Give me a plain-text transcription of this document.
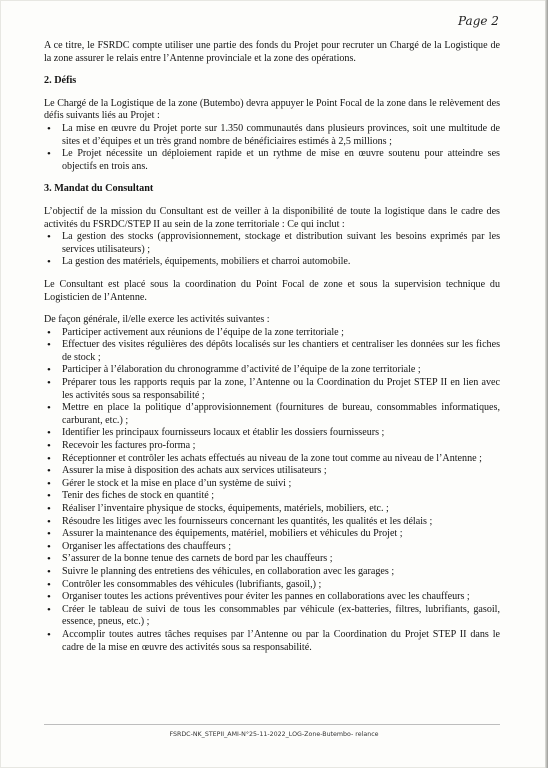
Page 2

A ce titre, le FSRDC compte utiliser une partie des fonds du Projet pour recruter un Chargé de la Logistique de la zone assurer le relais entre l’Antenne provinciale et la zone des opérations.

2. Défis

Le Chargé de la Logistique de la zone (Butembo) devra appuyer le Point Focal de la zone dans le relèvement des défis suivants liés au Projet :

• La mise en œuvre du Projet porte sur 1.350 communautés dans plusieurs provinces, soit une multitude de sites et d’équipes et un très grand nombre de bénéficiaires estimés à 2,5 millions ;
• Le Projet nécessite un déploiement rapide et un rythme de mise en œuvre soutenu pour atteindre ses objectifs en trois ans.
3. Mandat du Consultant

L’objectif de la mission du Consultant est de veiller à la disponibilité de toute la logistique dans le cadre des activités du FSRDC/STEP II au sein de la zone territoriale : Ce qui inclut :

• La gestion des stocks (approvisionnement, stockage et distribution suivant les besoins exprimés par les services utilisateurs) ;
• La gestion des matériels, équipements, mobiliers et charroi automobile.

Le Consultant est placé sous la coordination du Point Focal de zone et sous la supervision technique du Logisticien de l’Antenne.

De façon générale, il/elle exerce les activités suivantes :

• Participer activement aux réunions de l’équipe de la zone territoriale ;
• Effectuer des visites régulières des dépôts localisés sur les chantiers et centraliser les données sur les fiches de stock ;
• Participer à l’élaboration du chronogramme d’activité de l’équipe de la zone territoriale ;
• Préparer tous les rapports requis par la zone, l’Antenne ou la Coordination du Projet STEP II en lien avec les activités sous sa responsabilité ;
• Mettre en place la politique d’approvisionnement (fournitures de bureau, consommables informatiques, carburant, etc.) ;
• Identifier les principaux fournisseurs locaux et établir les dossiers fournisseurs ;
• Recevoir les factures pro-forma ;
• Réceptionner et contrôler les achats effectués au niveau de la zone tout comme au niveau de l’Antenne ;
• Assurer la mise à disposition des achats aux services utilisateurs ;
• Gérer le stock et la mise en place d’un système de suivi ;
• Tenir des fiches de stock en quantité ;
• Réaliser l’inventaire physique de stocks, équipements, matériels, mobiliers, etc. ;
• Résoudre les litiges avec les fournisseurs concernant les quantités, les qualités et les délais ;
• Assurer la maintenance des équipements, matériel, mobiliers et véhicules du Projet ;
• Organiser les affectations des chauffeurs ;
• S’assurer de la bonne tenue des carnets de bord par les chauffeurs ;
• Suivre le planning des entretiens des véhicules, en collaboration avec les garages ;
• Contrôler les consommables des véhicules (lubrifiants, gasoil,) ;
• Organiser toutes les actions préventives pour éviter les pannes en collaborations avec les chauffeurs ;
• Créer le tableau de suivi de tous les consommables par véhicule (ex-batteries, filtres, lubrifiants, gasoil, essence, pneus, etc.) ;
• Accomplir toutes autres tâches requises par l’Antenne ou par la Coordination du Projet STEP II dans le cadre de la mise en œuvre des activités sous sa responsabilité.
FSRDC-NK_STEPII_AMI-N°25-11-2022_LOG-Zone-Butembo- relance
